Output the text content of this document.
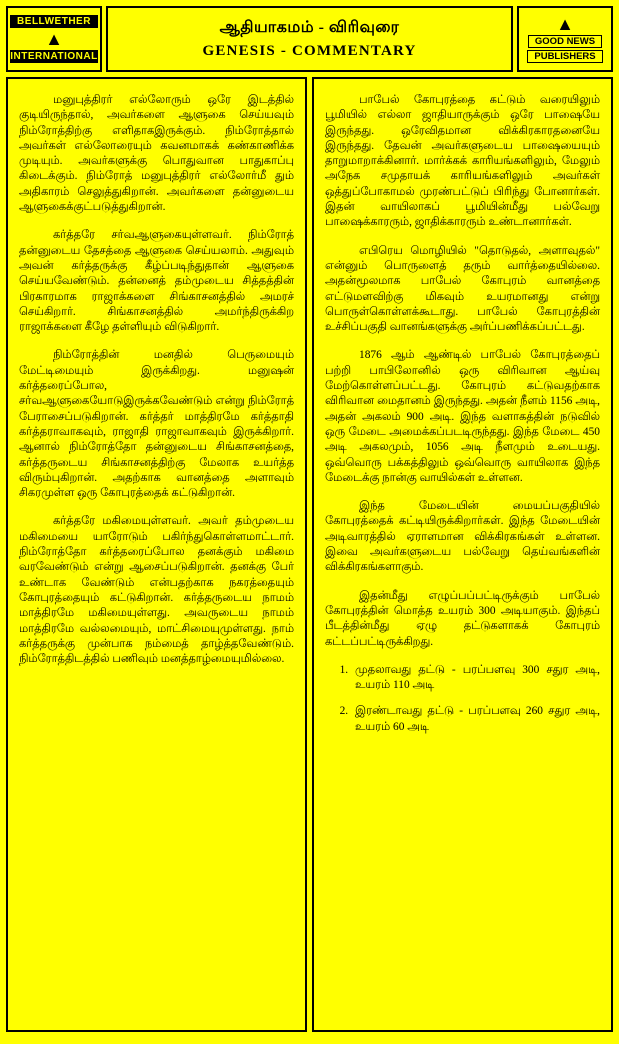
BELLWETHER
▲
INTERNATIONAL
ஆதியாகமம் - விரிவுரை
GENESIS - COMMENTARY
▲
GOOD NEWS
PUBLISHERS

மனுபுத்திரர் எல்லோரும் ஒரே இடத்தில் குடியிருந்தால், அவர்களை ஆளுகை செய்யவும் நிம்ரோத்திற்கு எளிதாகஇருக்கும். நிம்ரோத்தால் அவர்கள் எல்லோரையும் கவனமாகக் கண்காணிக்க முடியும். அவர்களுக்கு பொதுவான பாதுகாப்பு கிடைக்கும். நிம்ரோத் மனுபுத்திரர் எல்லோர்மீ தும் அதிகாரம் செலுத்துகிறான். அவர்களை தன்னுடைய ஆளுகைக்குட்படுத்துகிறான்.

கர்த்தரே சர்வஆளுகையுள்ளவர். நிம்ரோத் தன்னுடைய தேசத்தை ஆளுகை செய்யலாம். அதுவும் அவன் கர்த்தருக்கு கீழ்ப்படிந்துதான் ஆளுகை செய்யவேண்டும். தன்னைத் தம்முடைய சித்தத்தின் பிரகாரமாக ராஜாக்களை சிங்காசனத்தில் அமரச் செய்கிறார். சிங்காசனத்தில் அமர்ந்திருக்கிற ராஜாக்களை கீழே தள்ளியும் விடுகிறார்.

நிம்ரோத்தின் மனதில் பெருமையும் மேட்டிமையும் இருக்கிறது. மனுஷன் கர்த்தரைப்போல, சர்வஆளுகையோடுஇருக்கவேண்டும் என்று நிம்ரோத் பேராசைப்படுகிறான். கர்த்தர் மாத்திரமே கர்த்தாதி கர்த்தராவாகவும், ராஜாதி ராஜாவாகவும் இருக்கிறார். ஆனால் நிம்ரோத்தோ தன்னுடைய சிங்காசனத்தை, கர்த்தருடைய சிங்காசனத்திற்கு மேலாக உயர்த்த விரும்புகிறான். அதற்காக வானத்தை அளாவும் சிகரமுள்ள ஒரு கோபுரத்தைக் கட்டுகிறான்.

கர்த்தரே மகிமையுள்ளவர். அவர் தம்முடைய மகிமையை யாரோடும் பகிர்ந்துகொள்ளமாட்டார். நிம்ரோத்தோ கர்த்தரைப்போல தனக்கும் மகிமை வரவேண்டும் என்று ஆசைப்படுகிறான். தனக்கு பேர் உண்டாக வேண்டும் என்பதற்காக நகரத்தையும் கோபுரத்தையும் கட்டுகிறான். கர்த்தருடைய நாமம் மாத்திரமே மகிமையுள்ளது. அவருடைய நாமம் மாத்திரமே வல்லமையும், மாட்சிமையுமுள்ளது. நாம் கர்த்தருக்கு முன்பாக நம்மைத் தாழ்த்தவேண்டும். நிம்ரோத்திடத்தில் பணிவும் மனத்தாழ்மையுமில்லை.

பாபேல் கோபுரத்தை கட்டும் வரையிலும் பூமியில் எல்லா ஜாதியாருக்கும் ஒரே பாஷையே இருந்தது. ஒரேவிதமான விக்கிரகாரதனையே இருந்தது. தேவன் அவர்களுடைய பாஷையையும் தாறுமாறாக்கினார். மார்க்கக் காரியங்களிலும், மேலும் அநேக சமுதாயக் காரியங்களிலும் அவர்கள் ஒத்துப்போகாமல் முரண்பட்டுப் பிரிந்து போனார்கள். இதன் வாயிலாகப் பூமியின்மீது பல்வேறு பாஷைக்காரரும், ஜாதிக்காரரும் உண்டானார்கள்.

எபிரெய மொழியில் "தொடுதல், அளாவுதல்" என்னும் பொருளைத் தரும் வார்த்தையில்லை. அதன்மூலமாக பாபேல் கோபுரம் வானத்தை எட்டுமளவிற்கு மிகவும் உயரமானது என்று பொருள்கொள்ளக்கூடாது. பாபேல் கோபுரத்தின் உச்சிப்பகுதி வானங்களுக்கு அர்ப்பணிக்கப்பட்டது.

1876 ஆம் ஆண்டில் பாபேல் கோபுரத்தைப் பற்றி பாபிலோனில் ஒரு விரிவான ஆய்வு மேற்கொள்ளப்பட்டது. கோபுரம் கட்டுவதற்காக விரிவான மைதானம் இருந்தது. அதன் நீளம் 1156 அடி, அதன் அகலம் 900 அடி. இந்த வளாகத்தின் நடுவில் ஒரு மேடை அமைக்கப்படடிருந்தது. இந்த மேடை 450 அடி அகலமும், 1056 அடி நீளமும் உடையது. ஒவ்வொரு பக்கத்திலும் ஒவ்வொரு வாயிலாக இந்த மேடைக்கு நான்கு வாயில்கள் உள்ளன.

இந்த மேடையின் மையப்பகுதியில் கோபுரத்தைக் கட்டியிருக்கிறார்கள். இந்த மேடையின் அடிவாரத்தில் ஏராளமான விக்கிரகங்கள் உள்ளன. இவை அவர்களுடைய பல்வேறு தெய்வங்களின் விக்கிரகங்களாகும்.

இதன்மீது எழுப்பப்பட்டிருக்கும் பாபேல் கோபுரத்தின் மொத்த உயரம் 300 அடியாகும். இந்தப் பீடத்தின்மீது ஏழு தட்டுகளாகக் கோபுரம் கட்டப்பட்டிருக்கிறது.

1. முதலாவது தட்டு - பரப்பளவு 300 சதுர அடி, உயரம் 110 அடி
2. இரண்டாவது தட்டு - பரப்பளவு 260 சதுர அடி, உயரம் 60 அடி
